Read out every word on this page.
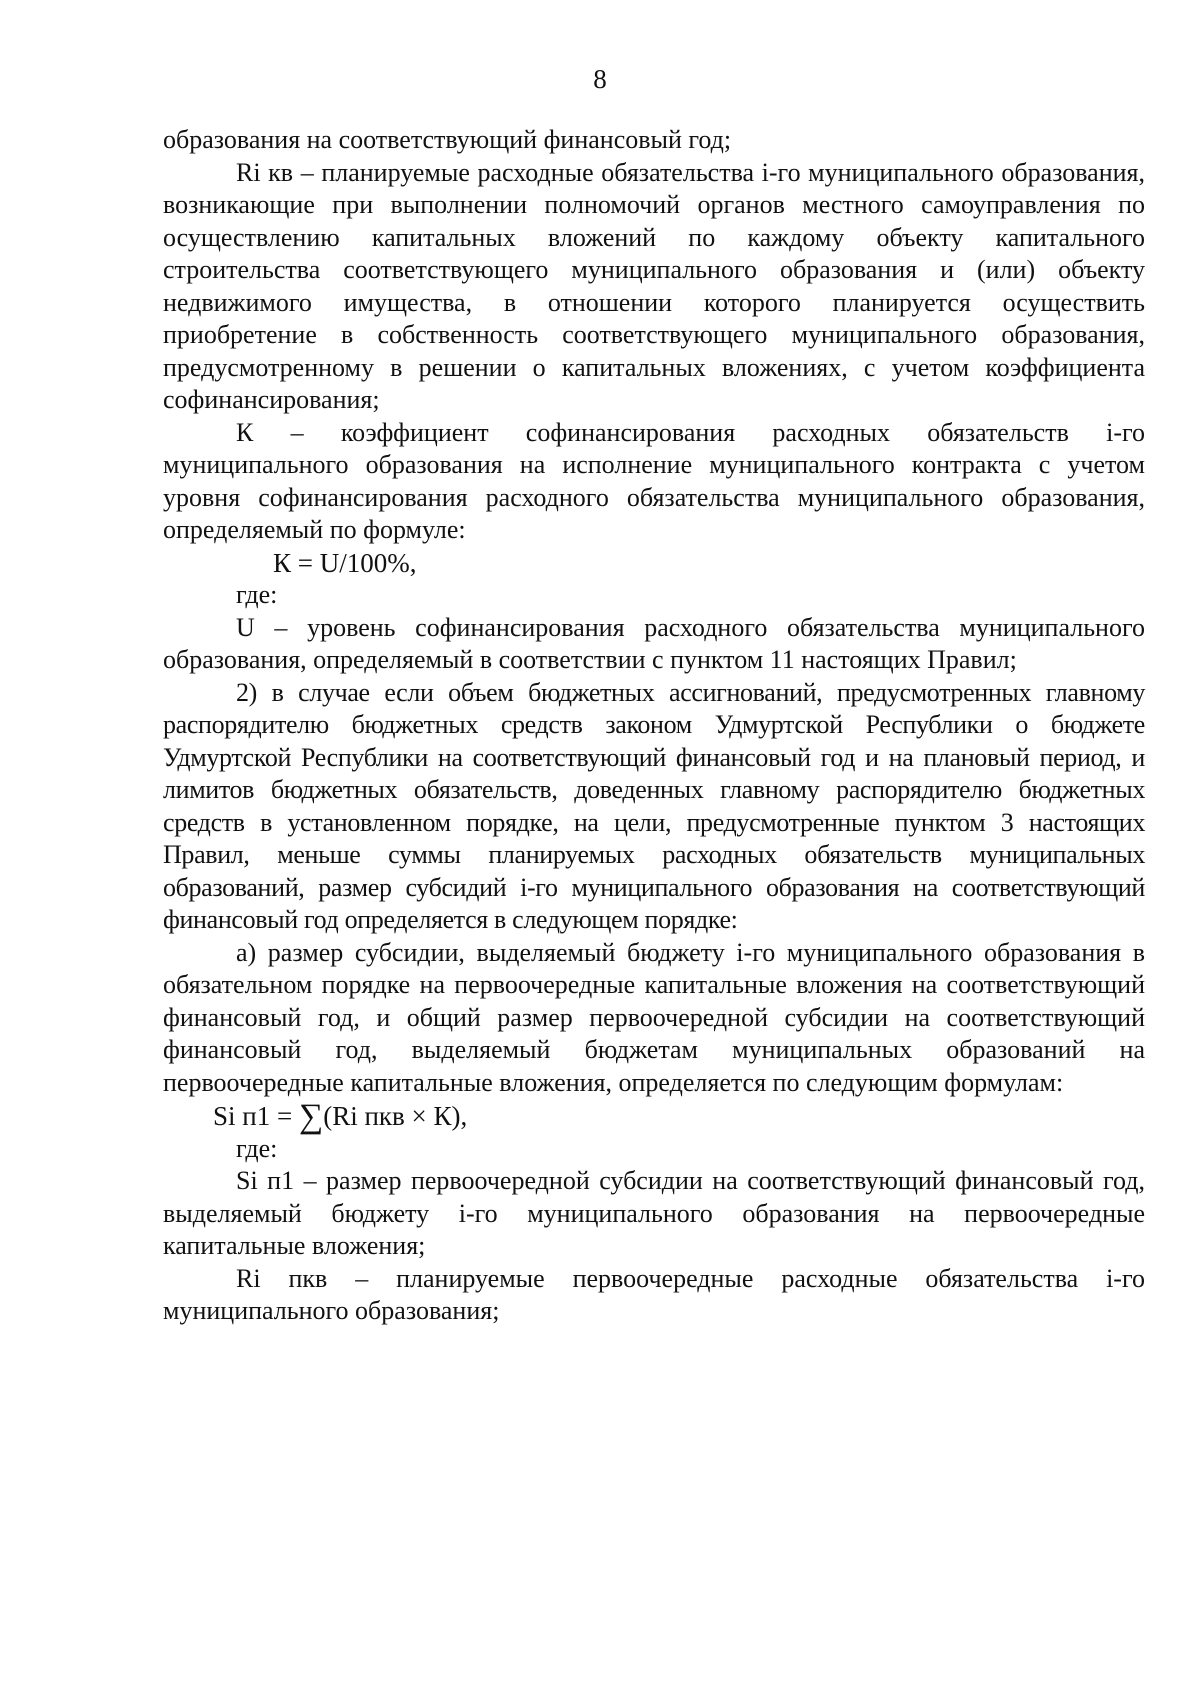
8

образования на соответствующий финансовый год;

Ri кв – планируемые расходные обязательства i-го муниципального образования, возникающие при выполнении полномочий органов местного самоуправления по осуществлению капитальных вложений по каждому объекту капитального строительства соответствующего муниципального образования и (или) объекту недвижимого имущества, в отношении которого планируется осуществить приобретение в собственность соответствующего муниципального образования, предусмотренному в решении о капитальных вложениях, с учетом коэффициента софинансирования;

К – коэффициент софинансирования расходных обязательств i-го муниципального образования на исполнение муниципального контракта с учетом уровня софинансирования расходного обязательства муниципального образования, определяемый по формуле:

К = U/100%,

где:

U – уровень софинансирования расходного обязательства муниципального образования, определяемый в соответствии с пунктом 11 настоящих Правил;

2) в случае если объем бюджетных ассигнований, предусмотренных главному распорядителю бюджетных средств законом Удмуртской Республики о бюджете Удмуртской Республики на соответствующий финансовый год и на плановый период, и лимитов бюджетных обязательств, доведенных главному распорядителю бюджетных средств в установленном порядке, на цели, предусмотренные пунктом 3 настоящих Правил, меньше суммы планируемых расходных обязательств муниципальных образований, размер субсидий i-го муниципального образования на соответствующий финансовый год определяется в следующем порядке:

а) размер субсидии, выделяемый бюджету i-го муниципального образования в обязательном порядке на первоочередные капитальные вложения на соответствующий финансовый год, и общий размер первоочередной субсидии на соответствующий финансовый год, выделяемый бюджетам муниципальных образований на первоочередные капитальные вложения, определяется по следующим формулам:

Si п1 = ∑(Ri пкв × К),

где:

Si п1 – размер первоочередной субсидии на соответствующий финансовый год, выделяемый бюджету i-го муниципального образования на первоочередные капитальные вложения;

Ri пкв – планируемые первоочередные расходные обязательства i-го муниципального образования;
